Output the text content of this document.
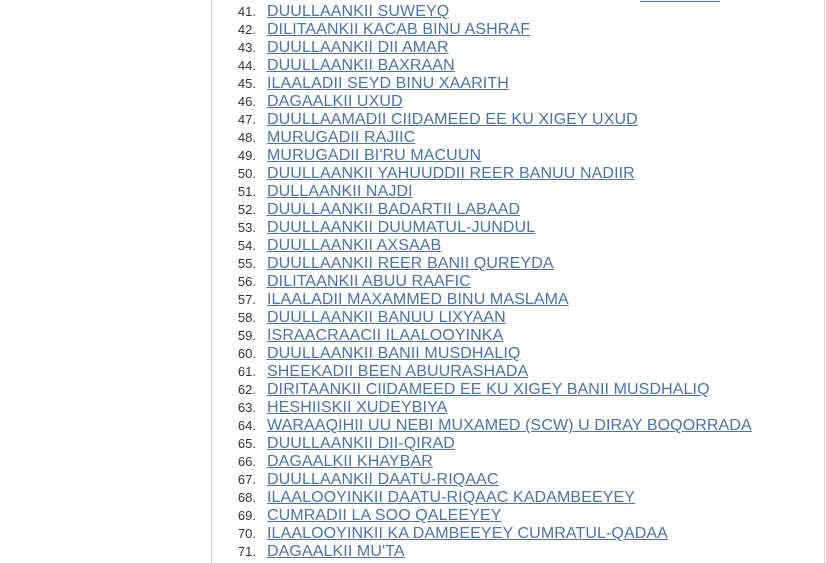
41. DUULLAANKII SUWEYQ
42. DILITAANKII KACAB BINU ASHRAF
43. DUULLAANKII DII AMAR
44. DUULLAANKII BAXRAAN
45. ILAALADII SEYD BINU XAARITH
46. DAGAALKII UXUD
47. DUULLAAMADII CIIDAMEED EE KU XIGEY UXUD
48. MURUGADII RAJIIC
49. MURUGADII BI'RU MACUUN
50. DUULLAANKII YAHUUDDII REER BANUU NADIIR
51. DULLAANKII NAJDI
52. DUULLAANKII BADARTII LABAAD
53. DUULLAANKII DUUMATUL-JUNDUL
54. DUULLAANKII AXSAAB
55. DUULLAANKII REER BANII QUREYDA
56. DILITAANKII ABUU RAAFIC
57. ILAALADII MAXAMMED BINU MASLAMA
58. DUULLAANKII BANUU LIXYAAN
59. ISRAACRAACII ILAALOOYINKA
60. DUULLAANKII BANII MUSDHALIQ
61. SHEEKADII BEEN ABUURASHADA
62. DIRITAANKII CIIDAMEED EE KU XIGEY BANII MUSDHALIQ
63. HESHIISKII XUDEYBIYA
64. WARAAQIHII UU NEBI MUXAMED (SCW) U DIRAY BOQORRADA
65. DUULLAANKII DII-QIRAD
66. DAGAALKII KHAYBAR
67. DUULLAANKII DAATU-RIQAAC
68. ILAALOOYINKII DAATU-RIQAAC KADAMBEEYEY
69. CUMRADII LA SOO QALEEYEY
70. ILAALOOYINKII KA DAMBEEYEY CUMRATUL-QADAA
71. DAGAALKII MU'TA
